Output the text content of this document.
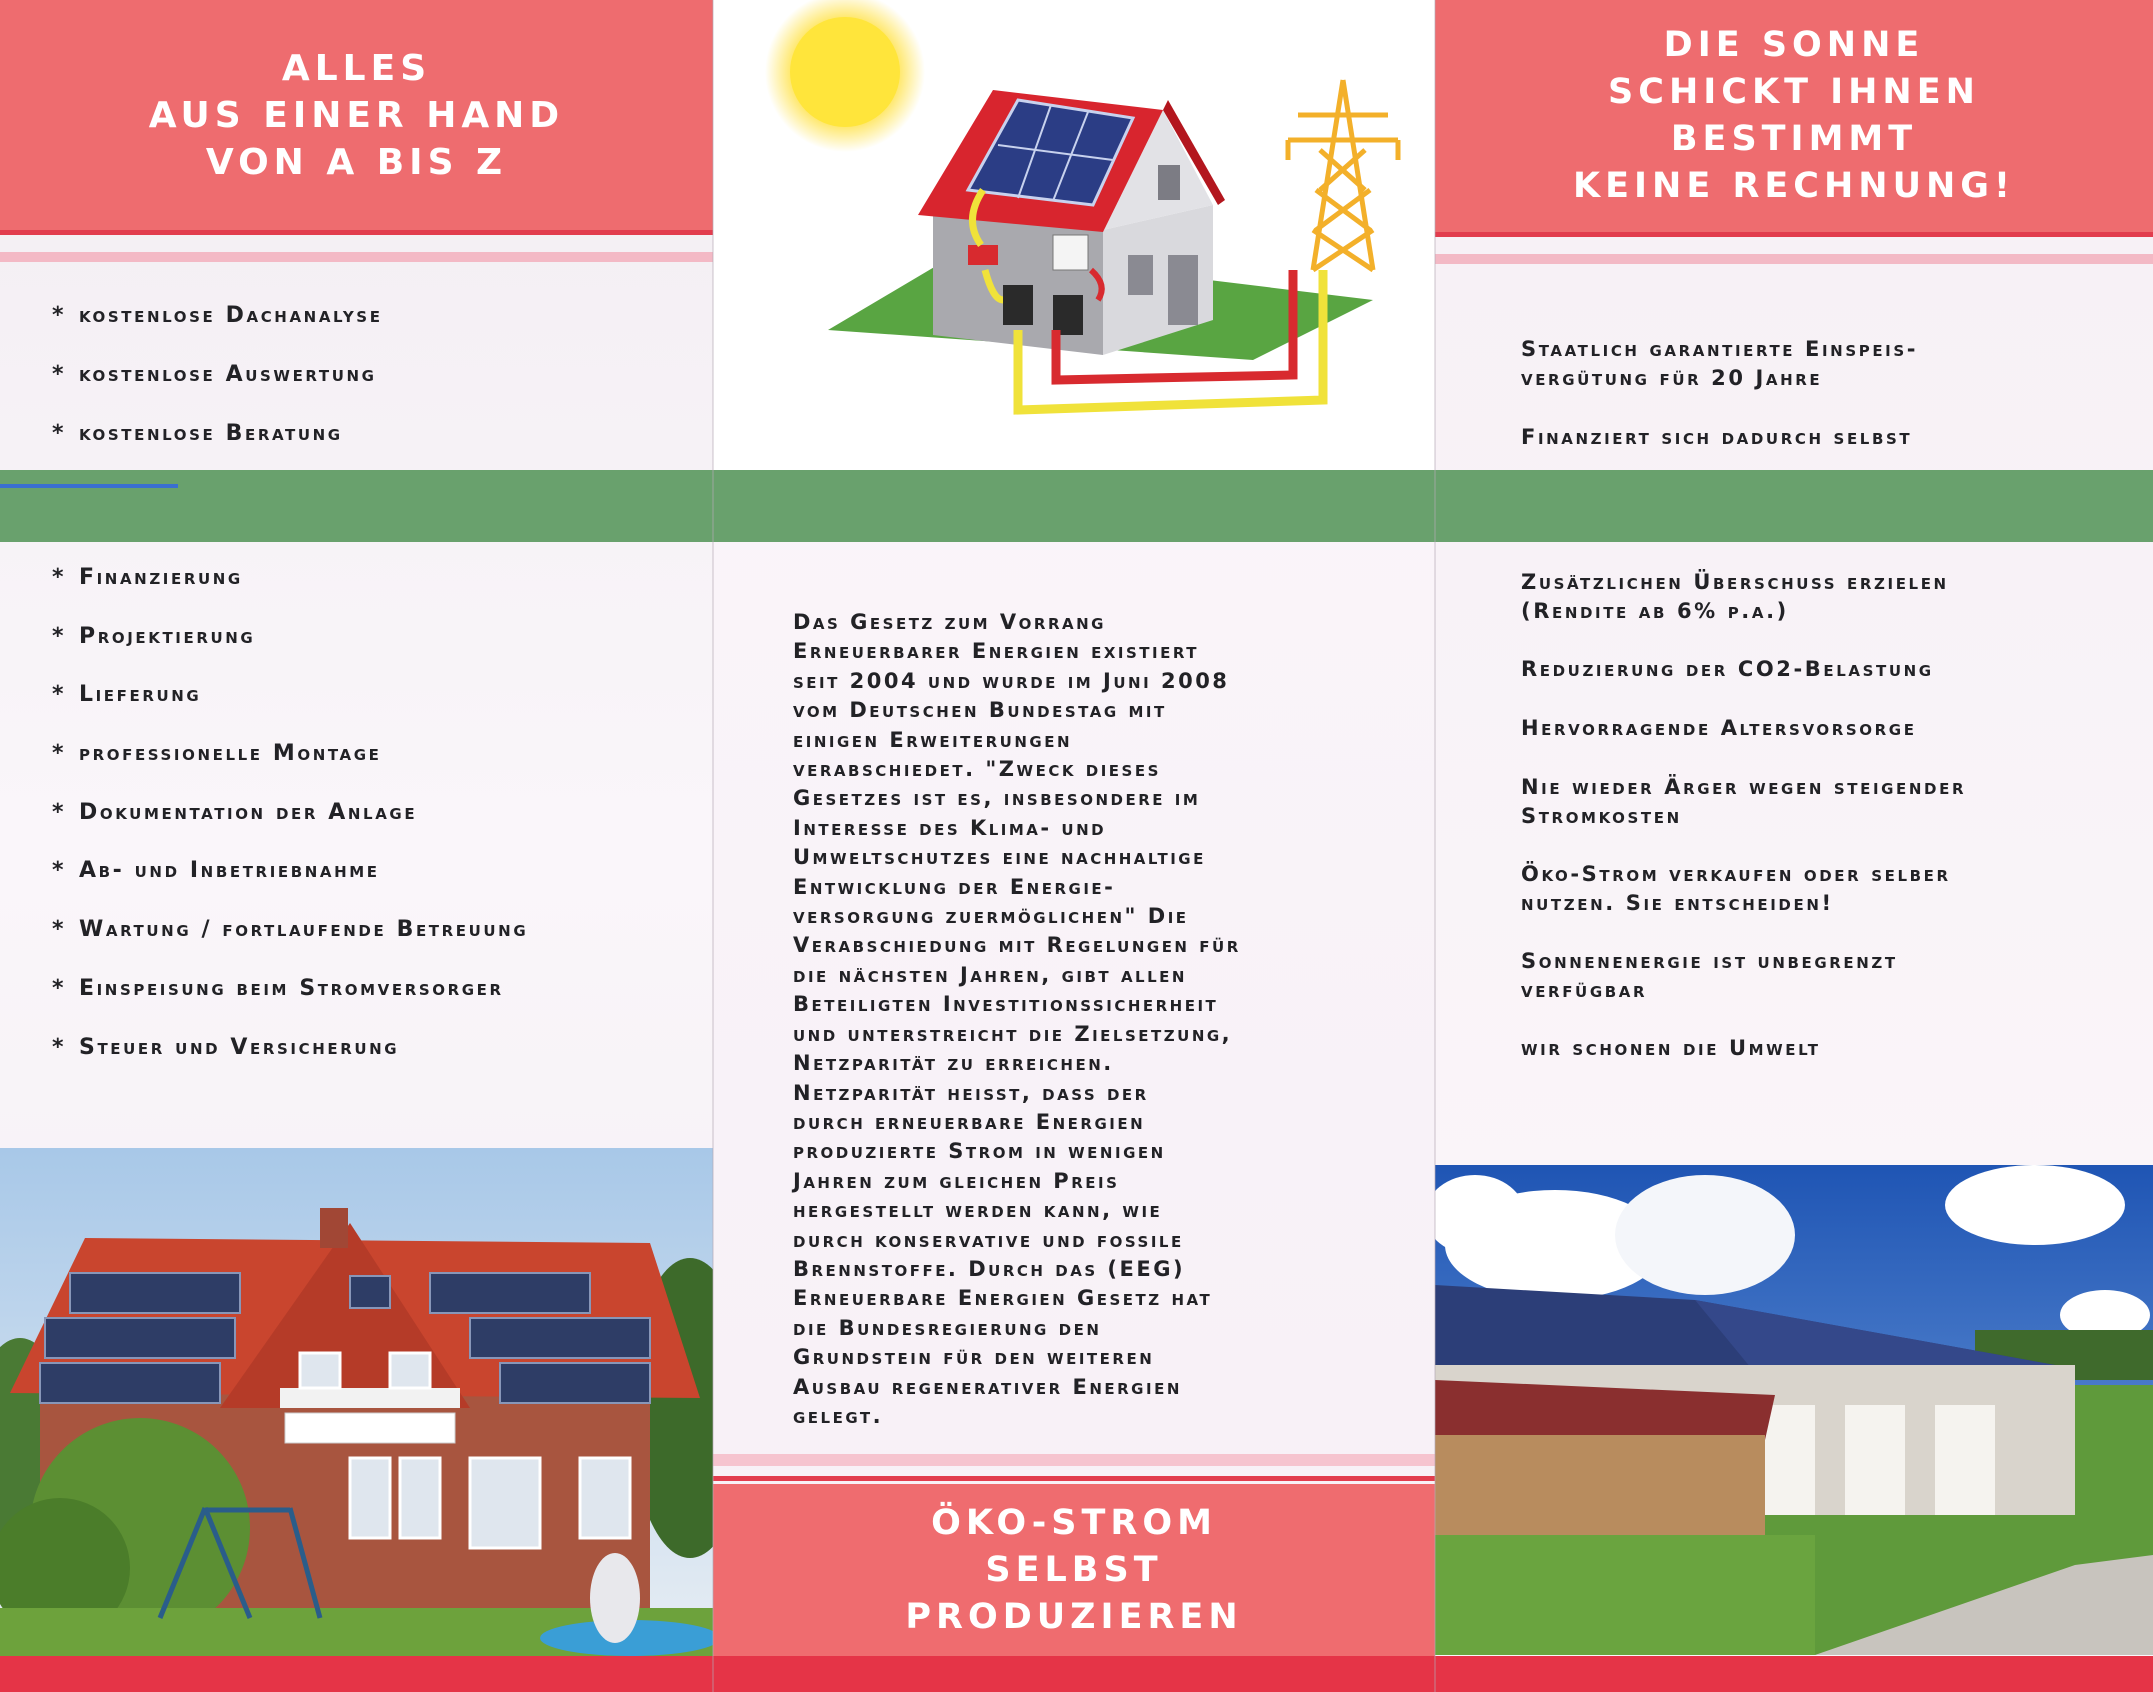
ALLES
AUS EINER HAND
VON A BIS Z
* kostenlose Dachanalyse
* kostenlose Auswertung
* kostenlose Beratung
* Finanzierung
* Projektierung
* Lieferung
* professionelle Montage
* Dokumentation der Anlage
* Ab- und Inbetriebnahme
* Wartung / fortlaufende Betreuung
* Einspeisung beim Stromversorger
* Steuer und Versicherung
Das Gesetz zum Vorrang
Erneuerbarer Energien existiert
seit 2004 und wurde im Juni 2008
vom Deutschen Bundestag mit
einigen Erweiterungen
verabschiedet. "Zweck dieses
Gesetzes ist es, insbesondere im
Interesse des Klima- und
Umweltschutzes eine nachhaltige
Entwicklung der Energie-
versorgung zuermöglichen" Die
Verabschiedung mit Regelungen für
die nächsten Jahren, gibt allen
Beteiligten Investitionssicherheit
und unterstreicht die Zielsetzung,
Netzparität zu erreichen.
Netzparität heisst, dass der
durch erneuerbare Energien
produzierte Strom in wenigen
Jahren zum gleichen Preis
hergestellt werden kann, wie
durch konservative und fossile
Brennstoffe. Durch das (EEG)
Erneuerbare Energien Gesetz hat
die Bundesregierung den
Grundstein für den weiteren
Ausbau regenerativer Energien
gelegt.
ÖKO-STROM
SELBST
PRODUZIEREN
DIE SONNE
SCHICKT IHNEN
BESTIMMT
KEINE RECHNUNG!
Staatlich garantierte Einspeis-
vergütung für 20 Jahre
Finanziert sich dadurch selbst
Zusätzlichen Überschuss erzielen
(Rendite ab 6% p.a.)
Reduzierung der CO2-Belastung
Hervorragende Altersvorsorge
Nie wieder Ärger wegen steigender
Stromkosten
Öko-Strom verkaufen oder selber
nutzen. Sie entscheiden!
Sonnenenergie ist unbegrenzt
verfügbar
wir schonen die Umwelt
